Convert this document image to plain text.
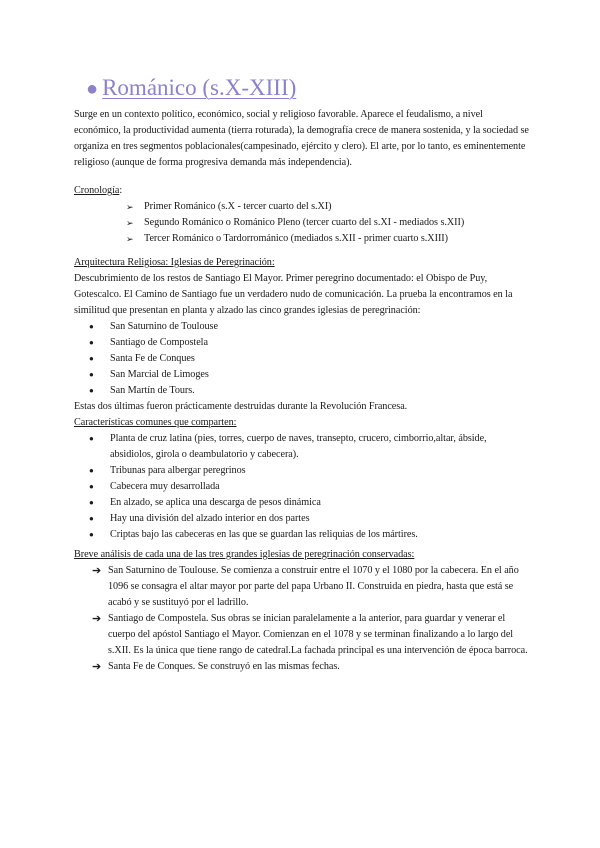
● Románico (s.X-XIII)

Surge en un contexto político, económico, social y religioso favorable. Aparece el feudalismo, a nivel económico, la productividad aumenta (tierra roturada), la demografía crece de manera sostenida, y la sociedad se organiza en tres segmentos poblacionales(campesinado, ejército y clero). El arte, por lo tanto, es eminentemente religioso (aunque de forma progresiva demanda más independencia).

Cronología:

➢ Primer Románico (s.X - tercer cuarto del s.XI)
➢ Segundo Románico o Románico Pleno (tercer cuarto del s.XI - mediados s.XII)
➢ Tercer Románico o Tardorrománico (mediados s.XII - primer cuarto s.XIII)

Arquitectura Religiosa: Iglesias de Peregrinación:

Descubrimiento de los restos de Santiago El Mayor. Primer peregrino documentado: el Obispo de Puy, Gotescalco. El Camino de Santiago fue un verdadero nudo de comunicación. La prueba la encontramos en la similitud que presentan en planta y alzado las cinco grandes iglesias de peregrinación:

● San Saturnino de Toulouse
● Santiago de Compostela
● Santa Fe de Conques
● San Marcial de Limoges
● San Martín de Tours.

Estas dos últimas fueron prácticamente destruidas durante la Revolución Francesa.

Características comunes que comparten:

● Planta de cruz latina (pies, torres, cuerpo de naves, transepto, crucero, cimborrio,altar, ábside, absidiolos, girola o deambulatorio y cabecera).
● Tribunas para albergar peregrinos
● Cabecera muy desarrollada
● En alzado, se aplica una descarga de pesos dinámica
● Hay una división del alzado interior en dos partes
● Criptas bajo las cabeceras en las que se guardan las reliquias de los mártires.

Breve análisis de cada una de las tres grandes iglesias de peregrinación conservadas:

➔ San Saturnino de Toulouse. Se comienza a construir entre el 1070 y el 1080 por la cabecera. En el año 1096 se consagra el altar mayor por parte del papa Urbano II. Construida en piedra, hasta que está se acabó y se sustituyó por el ladrillo.
➔ Santiago de Compostela. Sus obras se inician paralelamente a la anterior, para guardar y venerar el cuerpo del apóstol Santiago el Mayor. Comienzan en el 1078 y se terminan finalizando a lo largo del s.XII. Es la única que tiene rango de catedral.La fachada principal es una intervención de época barroca.
➔ Santa Fe de Conques. Se construyó en las mismas fechas.
